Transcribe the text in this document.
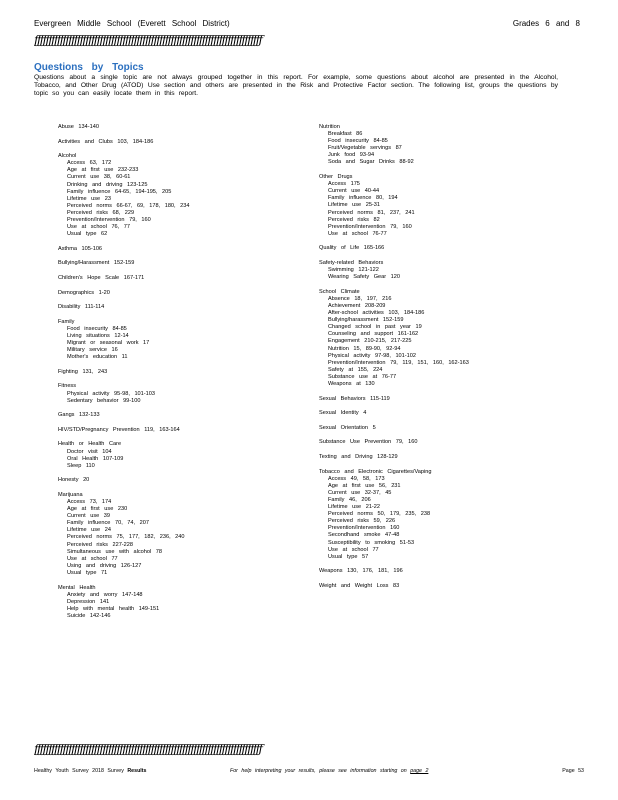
Evergreen Middle School (Everett School District)	Grades 6 and 8
ƒƒƒƒƒƒƒƒƒƒƒƒƒƒƒƒƒƒƒƒƒƒƒƒƒƒƒƒƒƒƒƒƒƒƒƒƒƒƒƒƒƒƒƒƒƒƒƒƒƒƒƒƒƒƒƒƒƒƒƒƒƒƒƒƒƒƒƒƒƒƒƒƒƒƒƒƒƒƒƒ
Questions by Topics
Questions about a single topic are not always grouped together in this report. For example, some questions about alcohol are presented in the Alcohol, Tobacco, and Other Drug (ATOD) Use section and others are presented in the Risk and Protective Factor section. The following list, groups the questions by topic so you can easily locate them in this report.
Abuse 134-140
Activities and Clubs 103, 184-186
Alcohol
Access 63, 172
Age at first use 232-233
Current use 38, 60-61
Drinking and driving 123-125
Family influence 64-65, 194-195, 205
Lifetime use 23
Perceived norms 66-67, 69, 178, 180, 234
Perceived risks 68, 229
Prevention/Intervention 79, 160
Use at school 76, 77
Usual type 62
Asthma 105-106
Bullying/Harassment 152-159
Children's Hope Scale 167-171
Demographics 1-20
Disability 111-114
Family
Food insecurity 84-85
Living situations 12-14
Migrant or seasonal work 17
Military service 16
Mother's education 11
Fighting 131, 243
Fitness
Physical activity 95-98, 101-103
Sedentary behavior 99-100
Gangs 132-133
HIV/STD/Pregnancy Prevention 119, 163-164
Health or Health Care
Doctor visit 104
Oral Health 107-109
Sleep 110
Honesty 20
Marijuana
Access 73, 174
Age at first use 230
Current use 39
Family influence 70, 74, 207
Lifetime use 24
Perceived norms 75, 177, 182, 236, 240
Perceived risks 227-228
Simultaneous use with alcohol 78
Use at school 77
Using and driving 126-127
Usual type 71
Mental Health
Anxiety and worry 147-148
Depression 141
Help with mental health 149-151
Suicide 142-146
Nutrition
Breakfast 86
Food insecurity 84-85
Fruit/Vegetable servings 87
Junk food 93-94
Soda and Sugar Drinks 88-92
Other Drugs
Access 175
Current use 40-44
Family influence 80, 194
Lifetime use 25-31
Perceived norms 81, 237, 241
Perceived risks 82
Prevention/Intervention 79, 160
Use at school 76-77
Quality of Life 165-166
Safety-related Behaviors
Swimming 121-122
Wearing Safety Gear 120
School Climate
Absence 18, 197, 216
Achievement 208-209
After-school activities 103, 184-186
Bullying/harassment 152-159
Changed school in past year 19
Counseling and support 161-162
Engagement 210-215, 217-225
Nutrition 15, 89-90, 92-94
Physical activity 97-98, 101-102
Prevention/Intervention 79, 119, 151, 160, 162-163
Safety at 155, 224
Substance use at 76-77
Weapons at 130
Sexual Behaviors 115-119
Sexual Identity 4
Sexual Orientation 5
Substance Use Prevention 79, 160
Texting and Driving 128-129
Tobacco and Electronic Cigarettes/Vaping
Access 49, 58, 173
Age at first use 56, 231
Current use 32-37, 45
Family 46, 206
Lifetime use 21-22
Perceived norms 50, 179, 235, 238
Perceived risks 59, 226
Prevention/Intervention 160
Secondhand smoke 47-48
Susceptibility to smoking 51-53
Use at school 77
Usual type 57
Weapons 130, 176, 181, 196
Weight and Weight Loss 83
ƒƒƒƒƒƒƒƒƒƒƒƒƒƒƒƒƒƒƒƒƒƒƒƒƒƒƒƒƒƒƒƒƒƒƒƒƒƒƒƒƒƒƒƒƒƒƒƒƒƒƒƒƒƒƒƒƒƒƒƒƒƒƒƒƒƒƒƒƒƒƒƒƒƒƒƒƒƒƒƒ
Healthy Youth Survey 2018 Survey Results	For help interpreting your results, please see information starting on page 2	Page 53
